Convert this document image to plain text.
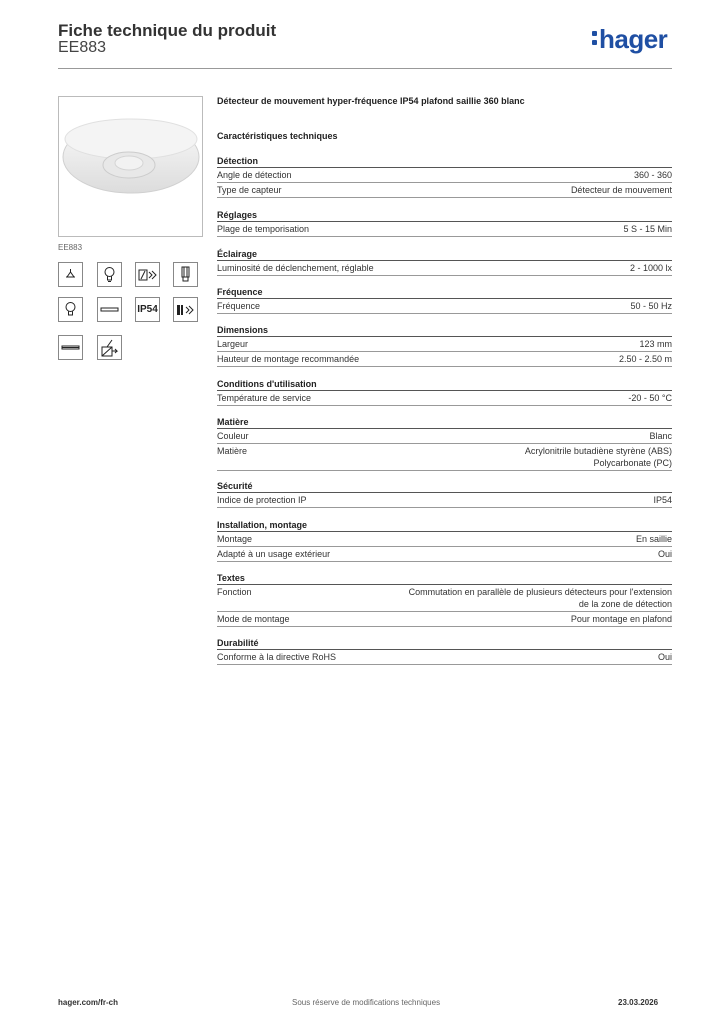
Fiche technique du produit
EE883	hager
EE883
IP54
Détecteur de mouvement hyper-fréquence IP54 plafond saillie 360 blanc
Caractéristiques techniques
Détection
Angle de détection	360 - 360
Type de capteur	Détecteur de mouvement
Réglages
Plage de temporisation	5 S - 15 Min
Éclairage
Luminosité de déclenchement, réglable	2 - 1000 lx
Fréquence
Fréquence	50 - 50 Hz
Dimensions
Largeur	123 mm
Hauteur de montage recommandée	2.50 - 2.50 m
Conditions d'utilisation
Température de service	-20 - 50 °C
Matière
Couleur	Blanc
Matière	Acrylonitrile butadiène styrène (ABS)
Polycarbonate (PC)
Sécurité
Indice de protection IP	IP54
Installation, montage
Montage	En saillie
Adapté à un usage extérieur	Oui
Textes
Fonction	Commutation en parallèle de plusieurs détecteurs pour l'extension
de la zone de détection
Mode de montage	Pour montage en plafond
Durabilité
Conforme à la directive RoHS	Oui
hager.com/fr-ch	Sous réserve de modifications techniques	23.03.2026
